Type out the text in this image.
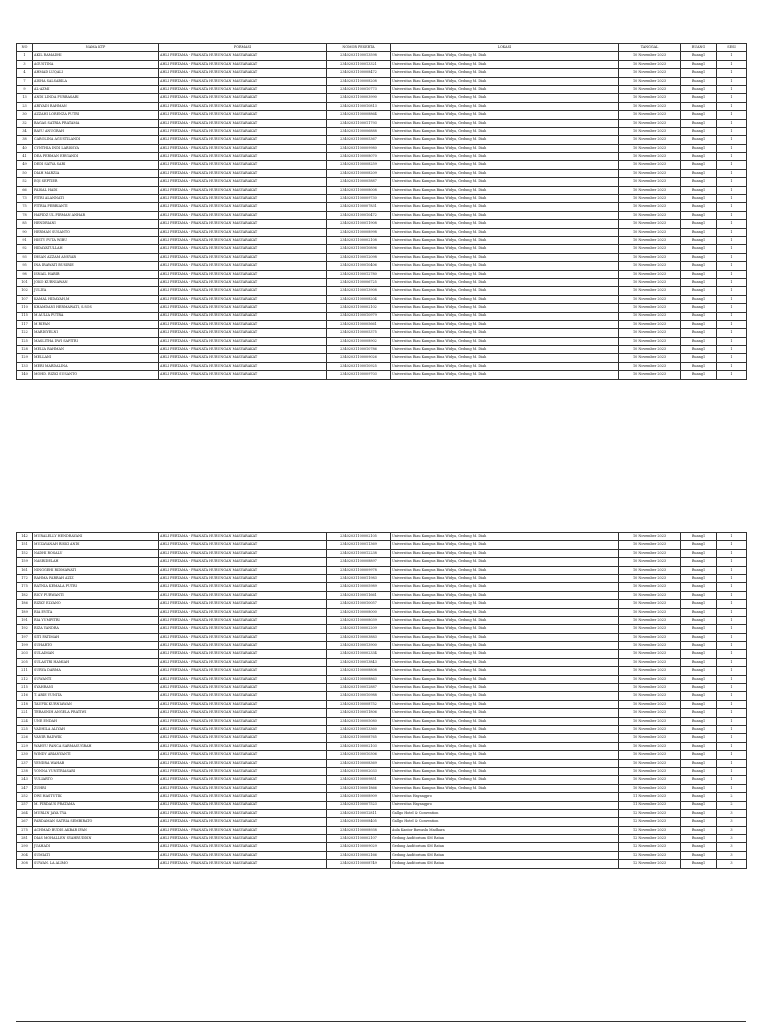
NO	NAMA KTP	FORMASI	NOMOR PESERTA	LOKASI	TANGGAL	RUANG	SESI
1	AKIL RAMADHI	AHLI PERTAMA - PRANATA HUBUNGAN MASYARAKAT	23402031100013598	Universitas Riau Kampus Bina Widya, Gedung M. Diah	10 November 2023	Ruang1	1
3	AGUSTINA	AHLI PERTAMA - PRANATA HUBUNGAN MASYARAKAT	23402031100013321	Universitas Riau Kampus Bina Widya, Gedung M. Diah	10 November 2023	Ruang1	1
4	AHMAD LUQALI	AHLI PERTAMA - PRANATA HUBUNGAN MASYARAKAT	23402031100008472	Universitas Riau Kampus Bina Widya, Gedung M. Diah	10 November 2023	Ruang1	1
7	AISHA SALSABILA	AHLI PERTAMA - PRANATA HUBUNGAN MASYARAKAT	23402031100008208	Universitas Riau Kampus Bina Widya, Gedung M. Diah	10 November 2023	Ruang1	1
9	AL-AZMI	AHLI PERTAMA - PRANATA HUBUNGAN MASYARAKAT	23402031100010773	Universitas Riau Kampus Bina Widya, Gedung M. Diah	10 November 2023	Ruang1	1
13	ANDI LINDA PURBASARI	AHLI PERTAMA - PRANATA HUBUNGAN MASYARAKAT	23402031100003990	Universitas Riau Kampus Bina Widya, Gedung M. Diah	10 November 2023	Ruang1	1
23	ARIYADI RAHMAN	AHLI PERTAMA - PRANATA HUBUNGAN MASYARAKAT	23402031100010813	Universitas Riau Kampus Bina Widya, Gedung M. Diah	10 November 2023	Ruang1	1
30	AZZAHI LORENZA PUTRI	AHLI PERTAMA - PRANATA HUBUNGAN MASYARAKAT	23402031100008864	Universitas Riau Kampus Bina Widya, Gedung M. Diah	10 November 2023	Ruang1	1
32	BAGAS SATRIA PRATAMA	AHLI PERTAMA - PRANATA HUBUNGAN MASYARAKAT	23402031100011793	Universitas Riau Kampus Bina Widya, Gedung M. Diah	10 November 2023	Ruang1	1
34	BAYU ANUGRAH	AHLI PERTAMA - PRANATA HUBUNGAN MASYARAKAT	23402031100006888	Universitas Riau Kampus Bina Widya, Gedung M. Diah	10 November 2023	Ruang1	1
38	CAROLINA AGUSTILANDI	AHLI PERTAMA - PRANATA HUBUNGAN MASYARAKAT	23402031100005367	Universitas Riau Kampus Bina Widya, Gedung M. Diah	10 November 2023	Ruang1	1
40	CYNTHIA INDI LARISSYA	AHLI PERTAMA - PRANATA HUBUNGAN MASYARAKAT	23402031100009980	Universitas Riau Kampus Bina Widya, Gedung M. Diah	10 November 2023	Ruang1	1
41	DEA PERMAN ERVIANDI	AHLI PERTAMA - PRANATA HUBUNGAN MASYARAKAT	23402031100008070	Universitas Riau Kampus Bina Widya, Gedung M. Diah	10 November 2023	Ruang1	1
49	DEDI SATYA SARI	AHLI PERTAMA - PRANATA HUBUNGAN MASYARAKAT	23402031100008259	Universitas Riau Kampus Bina Widya, Gedung M. Diah	10 November 2023	Ruang1	1
50	DIAH MARZIA	AHLI PERTAMA - PRANATA HUBUNGAN MASYARAKAT	23402031100008209	Universitas Riau Kampus Bina Widya, Gedung M. Diah	10 November 2023	Ruang1	1
52	EQI SEPTIER	AHLI PERTAMA - PRANATA HUBUNGAN MASYARAKAT	23402031100005887	Universitas Riau Kampus Bina Widya, Gedung M. Diah	10 November 2023	Ruang1	1
66	FAISAL HADI	AHLI PERTAMA - PRANATA HUBUNGAN MASYARAKAT	23402031100008008	Universitas Riau Kampus Bina Widya, Gedung M. Diah	10 November 2023	Ruang1	1
73	FITRI ALANNATI	AHLI PERTAMA - PRANATA HUBUNGAN MASYARAKAT	23402031100009730	Universitas Riau Kampus Bina Widya, Gedung M. Diah	10 November 2023	Ruang1	1
75	FITRIA FEBRIANTI	AHLI PERTAMA - PRANATA HUBUNGAN MASYARAKAT	23402031100007831	Universitas Riau Kampus Bina Widya, Gedung M. Diah	10 November 2023	Ruang1	1
78	HAFIDZ UL FIRMAN ANHAR	AHLI PERTAMA - PRANATA HUBUNGAN MASYARAKAT	23402031100010472	Universitas Riau Kampus Bina Widya, Gedung M. Diah	10 November 2023	Ruang1	1
85	HENDRIANI	AHLI PERTAMA - PRANATA HUBUNGAN MASYARAKAT	23402031100011908	Universitas Riau Kampus Bina Widya, Gedung M. Diah	10 November 2023	Ruang1	1
90	HERMAN SUSANTO	AHLI PERTAMA - PRANATA HUBUNGAN MASYARAKAT	23402031100008998	Universitas Riau Kampus Bina Widya, Gedung M. Diah	10 November 2023	Ruang1	1
91	HISTY PUTA WIBU	AHLI PERTAMA - PRANATA HUBUNGAN MASYARAKAT	23402031100002108	Universitas Riau Kampus Bina Widya, Gedung M. Diah	10 November 2023	Ruang1	1
92	HIDAYATULLAH	AHLI PERTAMA - PRANATA HUBUNGAN MASYARAKAT	23402031100010896	Universitas Riau Kampus Bina Widya, Gedung M. Diah	10 November 2023	Ruang1	1
93	IHSAN AZZAM ANSYAR	AHLI PERTAMA - PRANATA HUBUNGAN MASYARAKAT	23402031100012098	Universitas Riau Kampus Bina Widya, Gedung M. Diah	10 November 2023	Ruang1	1
95	INA IRAWATI BUSIRIE	AHLI PERTAMA - PRANATA HUBUNGAN MASYARAKAT	23402031100010406	Universitas Riau Kampus Bina Widya, Gedung M. Diah	10 November 2023	Ruang1	1
98	ISNAIL HABIB	AHLI PERTAMA - PRANATA HUBUNGAN MASYARAKAT	23402031100012780	Universitas Riau Kampus Bina Widya, Gedung M. Diah	10 November 2023	Ruang1	1
101	JOKO KURNIAWAN	AHLI PERTAMA - PRANATA HUBUNGAN MASYARAKAT	23402031100006725	Universitas Riau Kampus Bina Widya, Gedung M. Diah	10 November 2023	Ruang1	1
102	JULIYA	AHLI PERTAMA - PRANATA HUBUNGAN MASYARAKAT	23402031100013908	Universitas Riau Kampus Bina Widya, Gedung M. Diah	10 November 2023	Ruang1	1
107	KAMAL HIDAYAH,M	AHLI PERTAMA - PRANATA HUBUNGAN MASYARAKAT	23402031100008204	Universitas Riau Kampus Bina Widya, Gedung M. Diah	10 November 2023	Ruang1	1
110	KHAMDANI HERMAWATI, S.SOS	AHLI PERTAMA - PRANATA HUBUNGAN MASYARAKAT	23402031100002102	Universitas Riau Kampus Bina Widya, Gedung M. Diah	10 November 2023	Ruang1	1
115	M AULIA PUTRA	AHLI PERTAMA - PRANATA HUBUNGAN MASYARAKAT	23402031100010979	Universitas Riau Kampus Bina Widya, Gedung M. Diah	10 November 2023	Ruang1	1
117	M RIFAN	AHLI PERTAMA - PRANATA HUBUNGAN MASYARAKAT	23402031100005661	Universitas Riau Kampus Bina Widya, Gedung M. Diah	10 November 2023	Ruang1	1
122	MARDIYELNI	AHLI PERTAMA - PRANATA HUBUNGAN MASYARAKAT	23402031100005375	Universitas Riau Kampus Bina Widya, Gedung M. Diah	10 November 2023	Ruang1	1
125	MASLITHA DWI SAFITRI	AHLI PERTAMA - PRANATA HUBUNGAN MASYARAKAT	23402031100008902	Universitas Riau Kampus Bina Widya, Gedung M. Diah	10 November 2023	Ruang1	1
128	MELIA RAHMAN	AHLI PERTAMA - PRANATA HUBUNGAN MASYARAKAT	23402031100010786	Universitas Riau Kampus Bina Widya, Gedung M. Diah	10 November 2023	Ruang1	1
129	MELLANI	AHLI PERTAMA - PRANATA HUBUNGAN MASYARAKAT	23402031100009026	Universitas Riau Kampus Bina Widya, Gedung M. Diah	10 November 2023	Ruang1	1
133	MERI MARDALINA	AHLI PERTAMA - PRANATA HUBUNGAN MASYARAKAT	23402031100010925	Universitas Riau Kampus Bina Widya, Gedung M. Diah	10 November 2023	Ruang1	1
140	MOHD. RIZKI SUSANTO	AHLI PERTAMA - PRANATA HUBUNGAN MASYARAKAT	23402031100009703	Universitas Riau Kampus Bina Widya, Gedung M. Diah	10 November 2023	Ruang1	1
142	MURALELLY HENDRAYANI	AHLI PERTAMA - PRANATA HUBUNGAN MASYARAKAT	23402031100002105	Universitas Riau Kampus Bina Widya, Gedung M. Diah	10 November 2023	Ruang1	1
151	MUZAYANAH RISKI ANDI	AHLI PERTAMA - PRANATA HUBUNGAN MASYARAKAT	23402031100011369	Universitas Riau Kampus Bina Widya, Gedung M. Diah	10 November 2023	Ruang1	1
152	NADHI ROSALU	AHLI PERTAMA - PRANATA HUBUNGAN MASYARAKAT	23402031100012238	Universitas Riau Kampus Bina Widya, Gedung M. Diah	10 November 2023	Ruang1	1
159	NASRIDELAH	AHLI PERTAMA - PRANATA HUBUNGAN MASYARAKAT	23402031100008897	Universitas Riau Kampus Bina Widya, Gedung M. Diah	10 November 2023	Ruang1	1
161	NINGGEHI RIDMAWATI	AHLI PERTAMA - PRANATA HUBUNGAN MASYARAKAT	23402031100009978	Universitas Riau Kampus Bina Widya, Gedung M. Diah	10 November 2023	Ruang1	1
172	RAHMA FARRAH AZIZ	AHLI PERTAMA - PRANATA HUBUNGAN MASYARAKAT	23402031100011983	Universitas Riau Kampus Bina Widya, Gedung M. Diah	10 November 2023	Ruang1	1
175	RATNIA KEMALA PUTRI	AHLI PERTAMA - PRANATA HUBUNGAN MASYARAKAT	23402031100005989	Universitas Riau Kampus Bina Widya, Gedung M. Diah	10 November 2023	Ruang1	1
182	RICY PURWANTI	AHLI PERTAMA - PRANATA HUBUNGAN MASYARAKAT	23402031100011661	Universitas Riau Kampus Bina Widya, Gedung M. Diah	10 November 2023	Ruang1	1
186	RIZKY ELYANO	AHLI PERTAMA - PRANATA HUBUNGAN MASYARAKAT	23402031100010057	Universitas Riau Kampus Bina Widya, Gedung M. Diah	10 November 2023	Ruang1	1
189	RIA EVITA	AHLI PERTAMA - PRANATA HUBUNGAN MASYARAKAT	23402031100008000	Universitas Riau Kampus Bina Widya, Gedung M. Diah	10 November 2023	Ruang1	1
191	RIA YUMPITRI	AHLI PERTAMA - PRANATA HUBUNGAN MASYARAKAT	23402031100008039	Universitas Riau Kampus Bina Widya, Gedung M. Diah	10 November 2023	Ruang1	1
192	RIZA YANDRA	AHLI PERTAMA - PRANATA HUBUNGAN MASYARAKAT	23402031100002209	Universitas Riau Kampus Bina Widya, Gedung M. Diah	10 November 2023	Ruang1	1
197	SITI FATIMAH	AHLI PERTAMA - PRANATA HUBUNGAN MASYARAKAT	23402031100003883	Universitas Riau Kampus Bina Widya, Gedung M. Diah	10 November 2023	Ruang1	1
199	SUHARTO	AHLI PERTAMA - PRANATA HUBUNGAN MASYARAKAT	23402031100013900	Universitas Riau Kampus Bina Widya, Gedung M. Diah	10 November 2023	Ruang1	1
203	SULAIMAN	AHLI PERTAMA - PRANATA HUBUNGAN MASYARAKAT	23402031100002334	Universitas Riau Kampus Bina Widya, Gedung M. Diah	10 November 2023	Ruang1	1
205	SULASTRI HAMIAH	AHLI PERTAMA - PRANATA HUBUNGAN MASYARAKAT	23402031100013843	Universitas Riau Kampus Bina Widya, Gedung M. Diah	10 November 2023	Ruang1	1
211	SURYA DARMA	AHLI PERTAMA - PRANATA HUBUNGAN MASYARAKAT	23402031100008808	Universitas Riau Kampus Bina Widya, Gedung M. Diah	10 November 2023	Ruang1	1
212	SUWANTI	AHLI PERTAMA - PRANATA HUBUNGAN MASYARAKAT	23402031100008863	Universitas Riau Kampus Bina Widya, Gedung M. Diah	10 November 2023	Ruang1	1
215	SYAHRANI	AHLI PERTAMA - PRANATA HUBUNGAN MASYARAKAT	23402031100012887	Universitas Riau Kampus Bina Widya, Gedung M. Diah	10 November 2023	Ruang1	1
216	T. ARIE YUNITA	AHLI PERTAMA - PRANATA HUBUNGAN MASYARAKAT	23402031100010988	Universitas Riau Kampus Bina Widya, Gedung M. Diah	10 November 2023	Ruang1	1
218	TAUFIK KURNIAWAN	AHLI PERTAMA - PRANATA HUBUNGAN MASYARAKAT	23402031100008752	Universitas Riau Kampus Bina Widya, Gedung M. Diah	10 November 2023	Ruang1	1
221	TERASNIH ANGELA PRATIWI	AHLI PERTAMA - PRANATA HUBUNGAN MASYARAKAT	23402031100011806	Universitas Riau Kampus Bina Widya, Gedung M. Diah	10 November 2023	Ruang1	1
224	UNE ENDAH	AHLI PERTAMA - PRANATA HUBUNGAN MASYARAKAT	23402031100005080	Universitas Riau Kampus Bina Widya, Gedung M. Diah	10 November 2023	Ruang1	1
225	VADHILA ALIYAH	AHLI PERTAMA - PRANATA HUBUNGAN MASYARAKAT	23402031100013360	Universitas Riau Kampus Bina Widya, Gedung M. Diah	10 November 2023	Ruang1	1
226	VANIR RADWIK	AHLI PERTAMA - PRANATA HUBUNGAN MASYARAKAT	23402031100008765	Universitas Riau Kampus Bina Widya, Gedung M. Diah	10 November 2023	Ruang1	1
229	WAHYU PANCA SARMASUGRAH	AHLI PERTAMA - PRANATA HUBUNGAN MASYARAKAT	23402031100002103	Universitas Riau Kampus Bina Widya, Gedung M. Diah	10 November 2023	Ruang1	1
230	WINDY ARIANYANTI	AHLI PERTAMA - PRANATA HUBUNGAN MASYARAKAT	23402031100010306	Universitas Riau Kampus Bina Widya, Gedung M. Diah	10 November 2023	Ruang1	1
237	YENDRA WAHAB	AHLI PERTAMA - PRANATA HUBUNGAN MASYARAKAT	23402031100008369	Universitas Riau Kampus Bina Widya, Gedung M. Diah	10 November 2023	Ruang1	1
238	YONNA YUNITRIASARI	AHLI PERTAMA - PRANATA HUBUNGAN MASYARAKAT	23402031100002033	Universitas Riau Kampus Bina Widya, Gedung M. Diah	10 November 2023	Ruang1	1
243	YULIARTO	AHLI PERTAMA - PRANATA HUBUNGAN MASYARAKAT	23402031100009851	Universitas Riau Kampus Bina Widya, Gedung M. Diah	10 November 2023	Ruang1	1
247	ZUHRI	AHLI PERTAMA - PRANATA HUBUNGAN MASYARAKAT	23402031100001866	Universitas Riau Kampus Bina Widya, Gedung M. Diah	10 November 2023	Ruang1	1
252	DWI HASTUTIK	AHLI PERTAMA - PRANATA HUBUNGAN MASYARAKAT	23402031100008909	Universitas Hayangpro	11 November 2023	Ruang1	2
257	M. FIRDAUS PRATAMA	AHLI PERTAMA - PRANATA HUBUNGAN MASYARAKAT	23402031100007523	Universitas Hayangpro	11 November 2023	Ruang1	2
264	MURLIN JAYA TYA	AHLI PERTAMA - PRANATA HUBUNGAN MASYARAKAT	23402031100012811	Gallgo Hotel & Convention	12 November 2023	Ruang1	3
267	PARDAMAN SATRIA SEMBIRATO	AHLI PERTAMA - PRANATA HUBUNGAN MASYARAKAT	23402031100008405	Gallgo Hotel & Convention	12 November 2023	Ruang1	3
275	ACHMAD BUDIS AKBAR IFAN	AHLI PERTAMA - PRANATA HUBUNGAN MASYARAKAT	23402031100008938	Aula Kantor Bawaslu Madhara	12 November 2023	Ruang1	3
281	DIAS MOHALLEN SYAHRUDDIN	AHLI PERTAMA - PRANATA HUBUNGAN MASYARAKAT	23402031100002107	Gedung Auditorium SM Ratan	12 November 2023	Ruang1	3
290	JUAHADI	AHLI PERTAMA - PRANATA HUBUNGAN MASYARAKAT	23402031100009029	Gedung Auditorium SM Ratan	12 November 2023	Ruang1	3
304	SUMIATI	AHLI PERTAMA - PRANATA HUBUNGAN MASYARAKAT	23402031100002166	Gedung Auditorium SM Ratan	12 November 2023	Ruang1	3
308	SUWAN. LA ALIMO	AHLI PERTAMA - PRANATA HUBUNGAN MASYARAKAT	23402031100008749	Gedung Auditorium SM Ratan	12 November 2023	Ruang1	3
